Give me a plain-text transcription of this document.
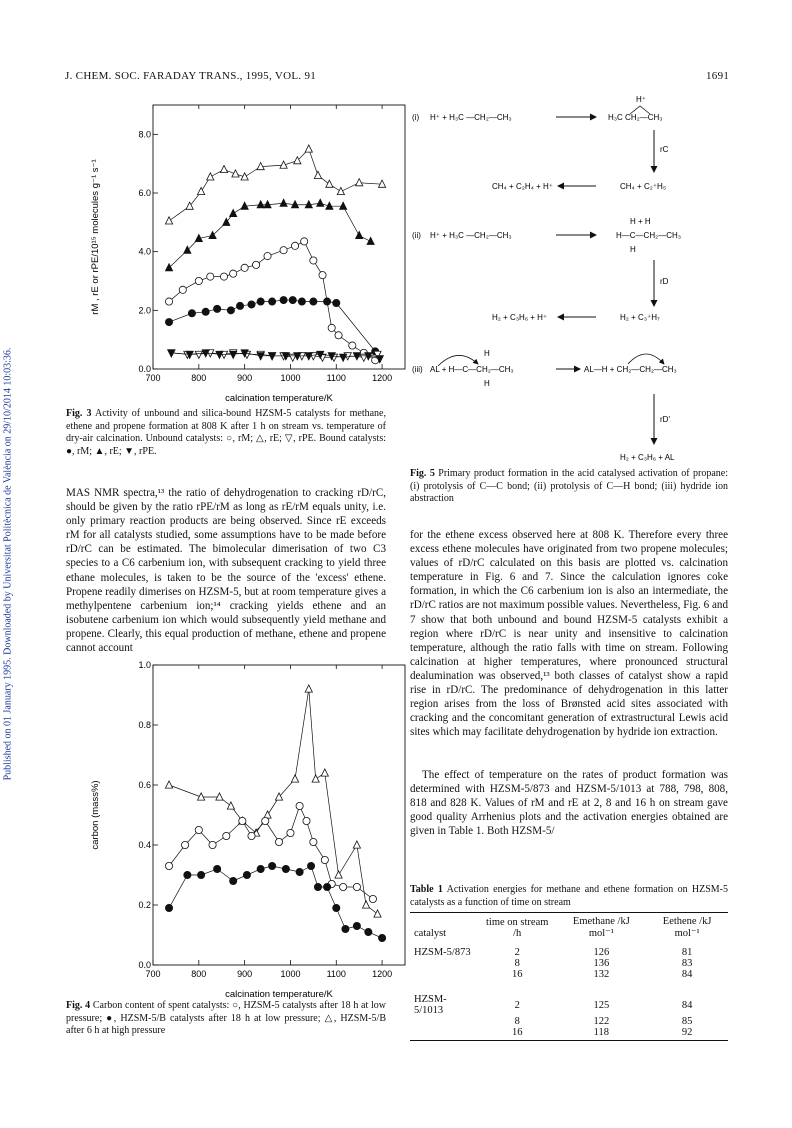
Published on 01 January 1995. Downloaded by Universitat Politècnica de València on 29/10/2014 10:03:36.
J. CHEM. SOC. FARADAY TRANS., 1995, VOL. 91	1691
700	800	900	1000	1100	1200
0.0
2.0
4.0
6.0
8.0
calcination temperature/K
rM , rE or rPE/10¹⁵ molecules g⁻¹ s⁻¹
Fig. 3 Activity of unbound and silica-bound HZSM-5 catalysts for methane, ethene and propene formation at 808 K after 1 h on stream vs. temperature of dry-air calcination. Unbound catalysts: ○, rM; △, rE; ▽, rPE. Bound catalysts: ●, rM; ▲, rE; ▼, rPE.

MAS NMR spectra,¹³ the ratio of dehydrogenation to cracking rD/rC, should be given by the ratio rPE/rM as long as rE/rM equals unity, i.e. only primary reaction products are being observed. Since rE exceeds rM for all catalysts studied, some assumptions have to be made before rD/rC can be estimated. The bimolecular dimerisation of two C3 species to a C6 carbenium ion, with subsequent cracking to yield three ethane molecules, is taken to be the source of the 'excess' ethene. Propene readily dimerises on HZSM-5, but at room temperature gives a methylpentene carbenium ion;¹⁴ cracking yields ethene and an isobutene carbenium ion which would subsequently yield methane and propene. Clearly, this equal production of methane, ethene and propene cannot account

700	800	900	1000	1100	1200
0.0
0.2
0.4
0.6
0.8
1.0
calcination temperature/K
carbon (mass%)
Fig. 4 Carbon content of spent catalysts: ○, HZSM-5 catalysts after 18 h at low pressure; ●, HZSM-5/B catalysts after 18 h at low pressure; △, HZSM-5/B after 6 h at high pressure
(i) H⁺ + H₃C —CH₂—CH₃
H⁺
H₃C CH₂—CH₃
rC
CH₄ + C₂H₄ + H⁺	CH₄ + C₂⁺H₅
H + H
(ii) H⁺ + H₃C —CH₂—CH₃	H—C—CH₂—CH₃
H
rD
H₂ + C₃H₆ + H⁺	H₂ + C₃⁺H₇
H
(iii) AL + H—C—CH₂—CH₃	AL—H + CH₂—CH₂—CH₃
H
rD'
H₂ + C₃H₆ + AL
Fig. 5 Primary product formation in the acid catalysed activation of propane: (i) protolysis of C—C bond; (ii) protolysis of C—H bond; (iii) hydride ion abstraction

for the ethene excess observed here at 808 K. Therefore every three excess ethene molecules have originated from two propene molecules; values of rD/rC calculated on this basis are plotted vs. calcination temperature in Fig. 6 and 7. Since the calculation ignores coke formation, in which the C6 carbenium ion is also an intermediate, the rD/rC ratios are not maximum possible values. Nevertheless, Fig. 6 and 7 show that both unbound and bound HZSM-5 catalysts exhibit a region where rD/rC is near unity and insensitive to calcination temperature, although the ratio falls with time on stream. Following calcination at higher temperatures, where pronounced structural dealumination was observed,¹³ both classes of catalyst show a rapid rise in rD/rC. The predominance of dehydrogenation in this latter region arises from the loss of Brønsted acid sites associated with cracking and the concomitant generation of extrastructural Lewis acid sites which may facilitate dehydrogenation by hydride ion extraction.

The effect of temperature on the rates of product formation was determined with HZSM-5/873 and HZSM-5/1013 at 788, 798, 808, 818 and 828 K. Values of rM and rE at 2, 8 and 16 h on stream gave good quality Arrhenius plots and the activation energies obtained are given in Table 1. Both HZSM-5/

Table 1 Activation energies for methane and ethene formation on HZSM-5 catalysts as a function of time on stream
catalyst	time on stream /h	Emethane /kJ mol⁻¹	Eethene /kJ mol⁻¹
HZSM-5/873	2	126	81
	8	136	83
	16	132	84
HZSM-5/1013	2	125	84
	8	122	85
	16	118	92
